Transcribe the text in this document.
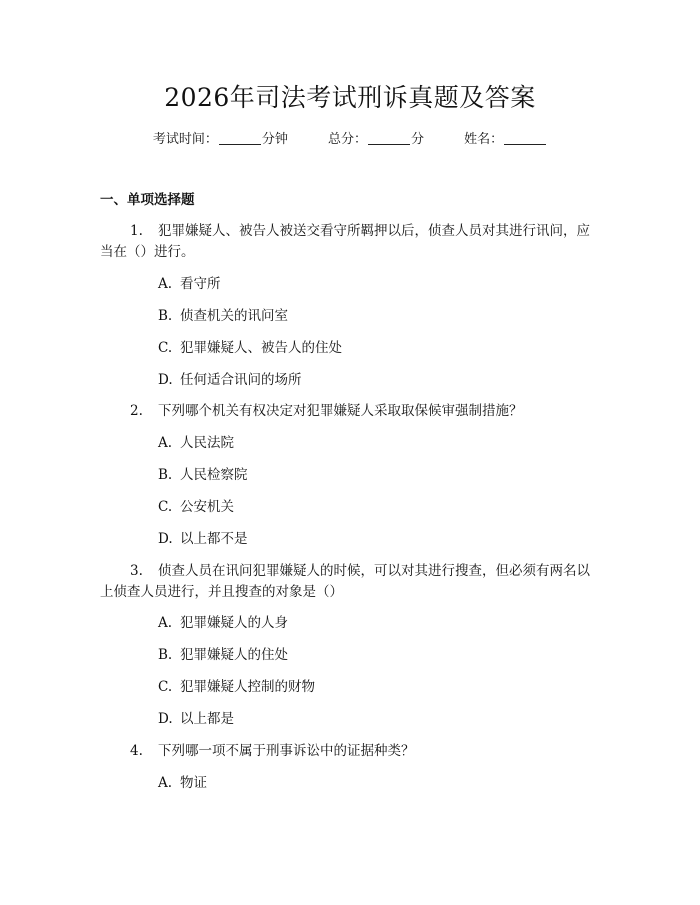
2026年司法考试刑诉真题及答案
考试时间：	分钟	总分：	分	姓名：
一、单项选择题
1. 犯罪嫌疑人、被告人被送交看守所羁押以后，侦查人员对其进行讯问，应当在（）进行。
A. 看守所
B. 侦查机关的讯问室
C. 犯罪嫌疑人、被告人的住处
D. 任何适合讯问的场所
2. 下列哪个机关有权决定对犯罪嫌疑人采取取保候审强制措施？
A. 人民法院
B. 人民检察院
C. 公安机关
D. 以上都不是
3. 侦查人员在讯问犯罪嫌疑人的时候，可以对其进行搜查，但必须有两名以上侦查人员进行，并且搜查的对象是（）
A. 犯罪嫌疑人的人身
B. 犯罪嫌疑人的住处
C. 犯罪嫌疑人控制的财物
D. 以上都是
4. 下列哪一项不属于刑事诉讼中的证据种类？
A. 物证
